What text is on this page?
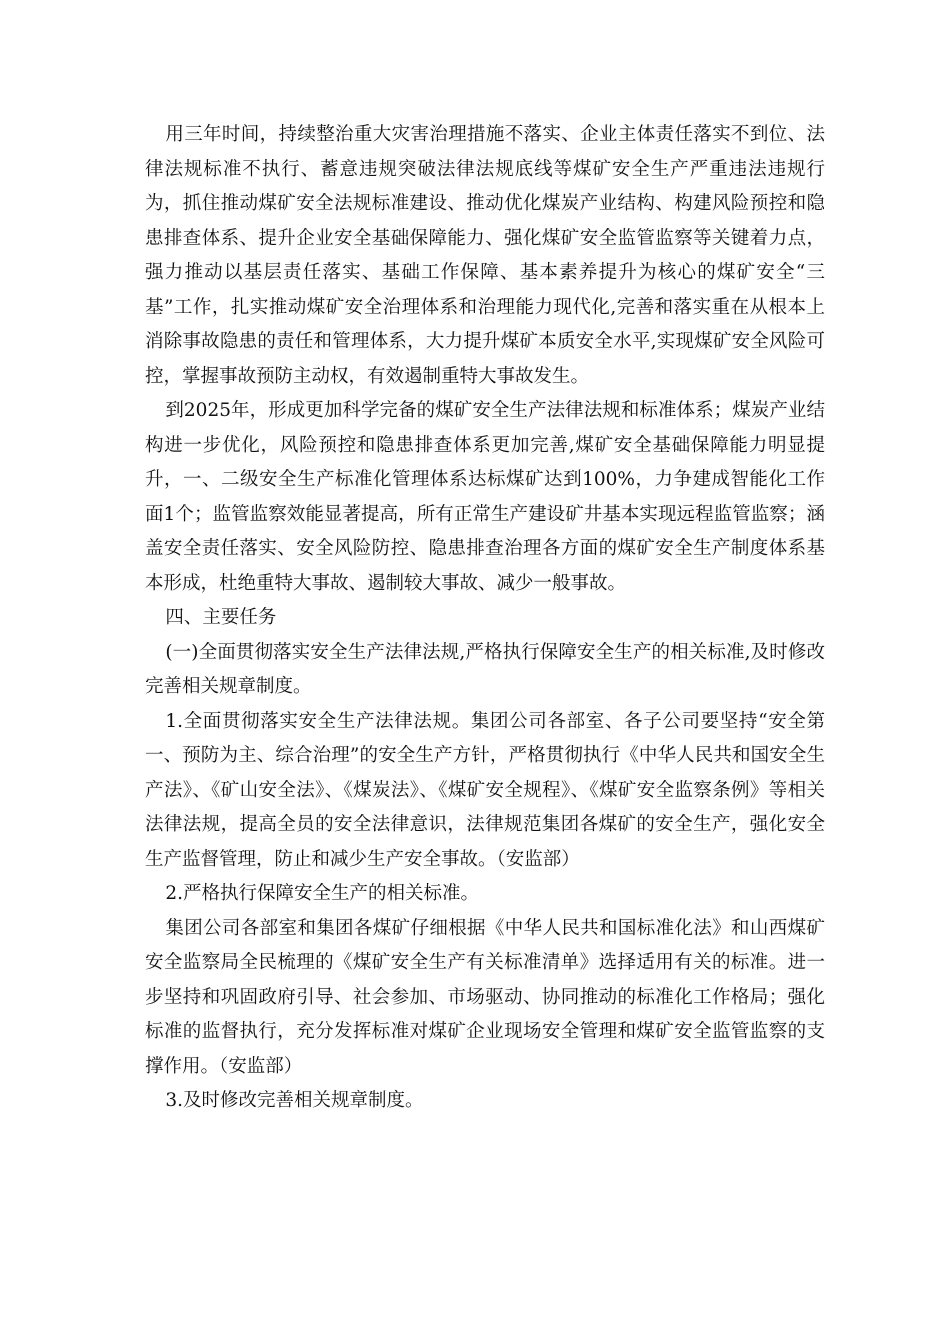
用三年时间，持续整治重大灾害治理措施不落实、企业主体责任落实不到位、法律法规标准不执行、蓄意违规突破法律法规底线等煤矿安全生产严重违法违规行为，抓住推动煤矿安全法规标准建设、推动优化煤炭产业结构、构建风险预控和隐患排查体系、提升企业安全基础保障能力、强化煤矿安全监管监察等关键着力点，强力推动以基层责任落实、基础工作保障、基本素养提升为核心的煤矿安全“三基”工作，扎实推动煤矿安全治理体系和治理能力现代化,完善和落实重在从根本上消除事故隐患的责任和管理体系，大力提升煤矿本质安全水平,实现煤矿安全风险可控，掌握事故预防主动权，有效遏制重特大事故发生。

到2025年，形成更加科学完备的煤矿安全生产法律法规和标准体系；煤炭产业结构进一步优化，风险预控和隐患排查体系更加完善,煤矿安全基础保障能力明显提升，一、二级安全生产标准化管理体系达标煤矿达到100%，力争建成智能化工作面1个；监管监察效能显著提高，所有正常生产建设矿井基本实现远程监管监察；涵盖安全责任落实、安全风险防控、隐患排查治理各方面的煤矿安全生产制度体系基本形成，杜绝重特大事故、遏制较大事故、减少一般事故。

四、主要任务

(一)全面贯彻落实安全生产法律法规,严格执行保障安全生产的相关标准,及时修改完善相关规章制度。

1.全面贯彻落实安全生产法律法规。集团公司各部室、各子公司要坚持“安全第一、预防为主、综合治理”的安全生产方针，严格贯彻执行《中华人民共和国安全生产法》、《矿山安全法》、《煤炭法》、《煤矿安全规程》、《煤矿安全监察条例》等相关法律法规，提高全员的安全法律意识，法律规范集团各煤矿的安全生产，强化安全生产监督管理，防止和减少生产安全事故。（安监部）

2.严格执行保障安全生产的相关标准。

集团公司各部室和集团各煤矿仔细根据《中华人民共和国标准化法》和山西煤矿安全监察局全民梳理的《煤矿安全生产有关标准清单》选择适用有关的标准。进一步坚持和巩固政府引导、社会参加、市场驱动、协同推动的标准化工作格局；强化标准的监督执行，充分发挥标准对煤矿企业现场安全管理和煤矿安全监管监察的支撑作用。（安监部）

3.及时修改完善相关规章制度。
